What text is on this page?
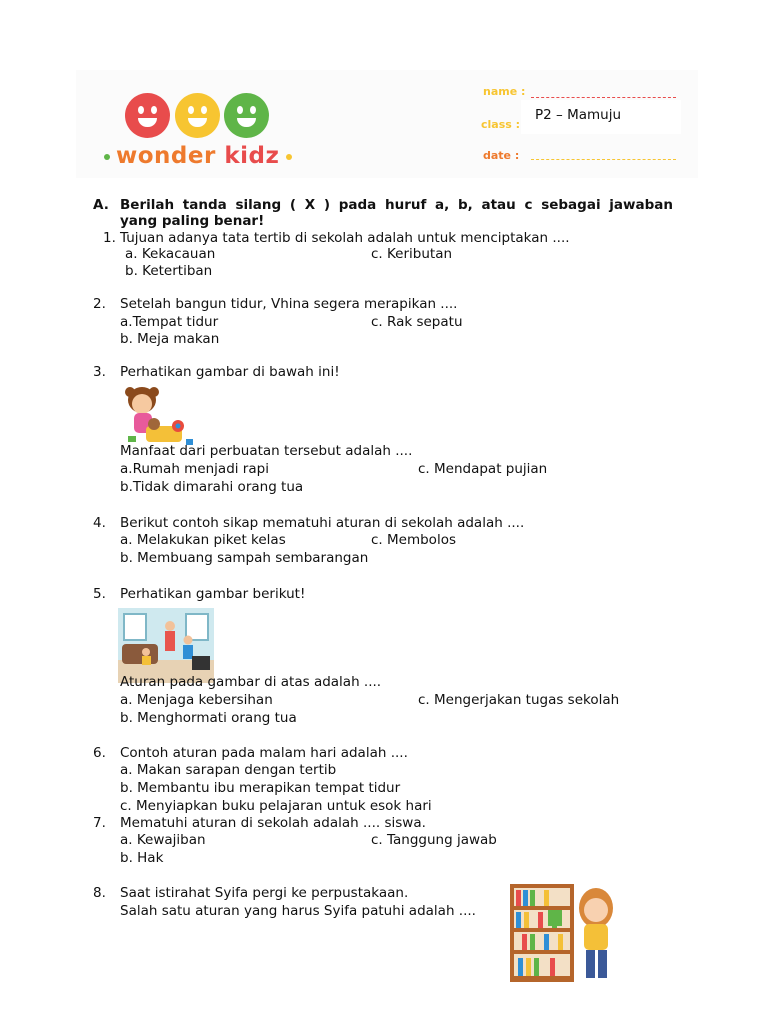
wonder kidz
name :
class :
P2 – Mamuju
date :
A. Berilah tanda silang ( X ) pada huruf a, b, atau c sebagai jawaban
yang paling benar!
1. Tujuan adanya tata tertib di sekolah adalah untuk menciptakan ....
a. Kekacauan	c. Keributan
b. Ketertiban
2. Setelah bangun tidur, Vhina segera merapikan ....
a.Tempat tidur	c. Rak sepatu
b. Meja makan
3. Perhatikan gambar di bawah ini!
Manfaat dari perbuatan tersebut adalah ....
a.Rumah menjadi rapi	c. Mendapat pujian
b.Tidak dimarahi orang tua
4. Berikut contoh sikap mematuhi aturan di sekolah adalah ....
a. Melakukan piket kelas	c. Membolos
b. Membuang sampah sembarangan
5. Perhatikan gambar berikut!
Aturan pada gambar di atas adalah ....
a. Menjaga kebersihan	c. Mengerjakan tugas sekolah
b. Menghormati orang tua
6. Contoh aturan pada malam hari adalah ....
a. Makan sarapan dengan tertib
b. Membantu ibu merapikan tempat tidur
c. Menyiapkan buku pelajaran untuk esok hari
7. Mematuhi aturan di sekolah adalah .... siswa.
a. Kewajiban	c. Tanggung jawab
b. Hak
8. Saat istirahat Syifa pergi ke perpustakaan.
Salah satu aturan yang harus Syifa patuhi adalah ....
